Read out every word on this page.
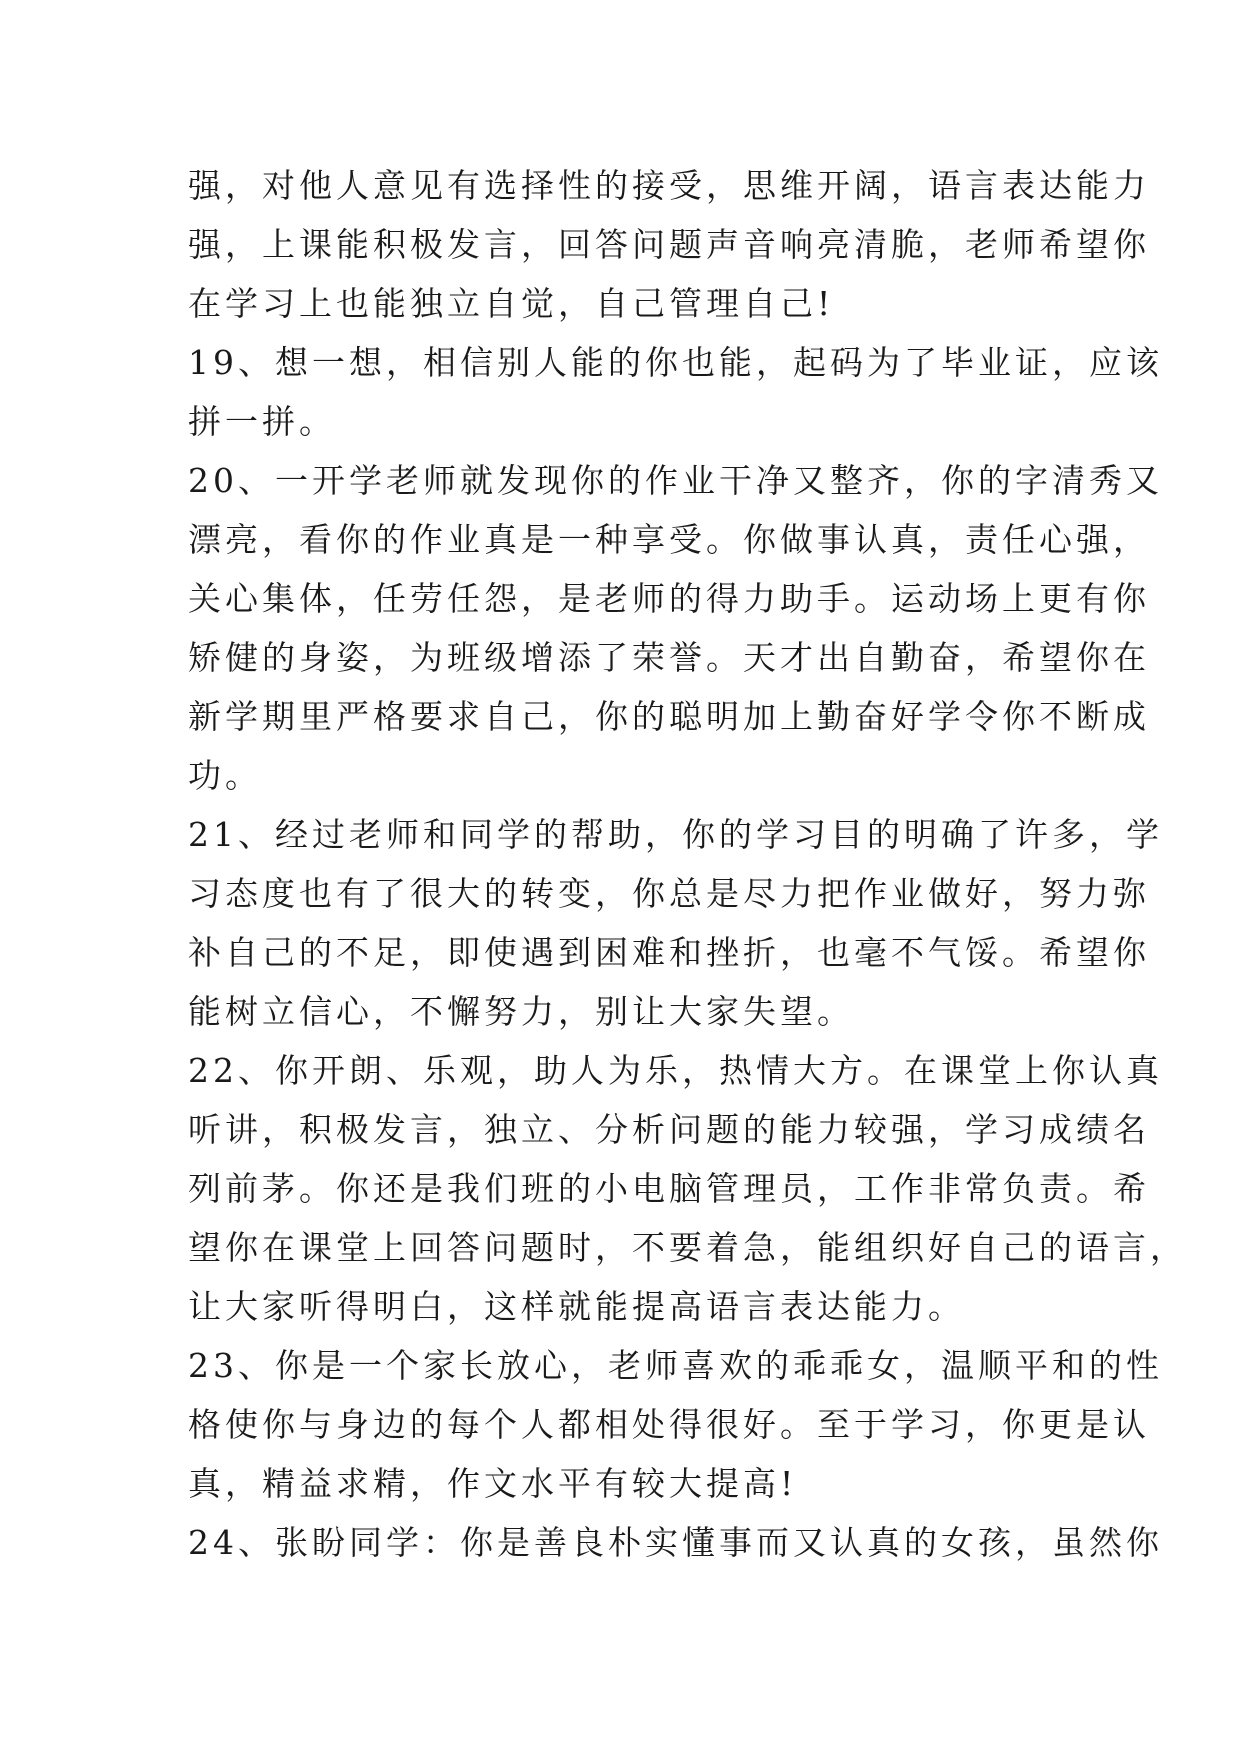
强，对他人意见有选择性的接受，思维开阔，语言表达能力
强，上课能积极发言，回答问题声音响亮清脆，老师希望你
在学习上也能独立自觉，自己管理自己!
19、想一想，相信别人能的你也能，起码为了毕业证，应该
拼一拼。
20、一开学老师就发现你的作业干净又整齐，你的字清秀又
漂亮，看你的作业真是一种享受。你做事认真，责任心强，
关心集体，任劳任怨，是老师的得力助手。运动场上更有你
矫健的身姿，为班级增添了荣誉。天才出自勤奋，希望你在
新学期里严格要求自己，你的聪明加上勤奋好学令你不断成
功。
21、经过老师和同学的帮助，你的学习目的明确了许多，学
习态度也有了很大的转变，你总是尽力把作业做好，努力弥
补自己的不足，即使遇到困难和挫折，也毫不气馁。希望你
能树立信心，不懈努力，别让大家失望。
22、你开朗、乐观，助人为乐，热情大方。在课堂上你认真
听讲，积极发言，独立、分析问题的能力较强，学习成绩名
列前茅。你还是我们班的小电脑管理员，工作非常负责。希
望你在课堂上回答问题时，不要着急，能组织好自己的语言，
让大家听得明白，这样就能提高语言表达能力。
23、你是一个家长放心，老师喜欢的乖乖女，温顺平和的性
格使你与身边的每个人都相处得很好。至于学习，你更是认
真，精益求精，作文水平有较大提高!
24、张盼同学：你是善良朴实懂事而又认真的女孩，虽然你
